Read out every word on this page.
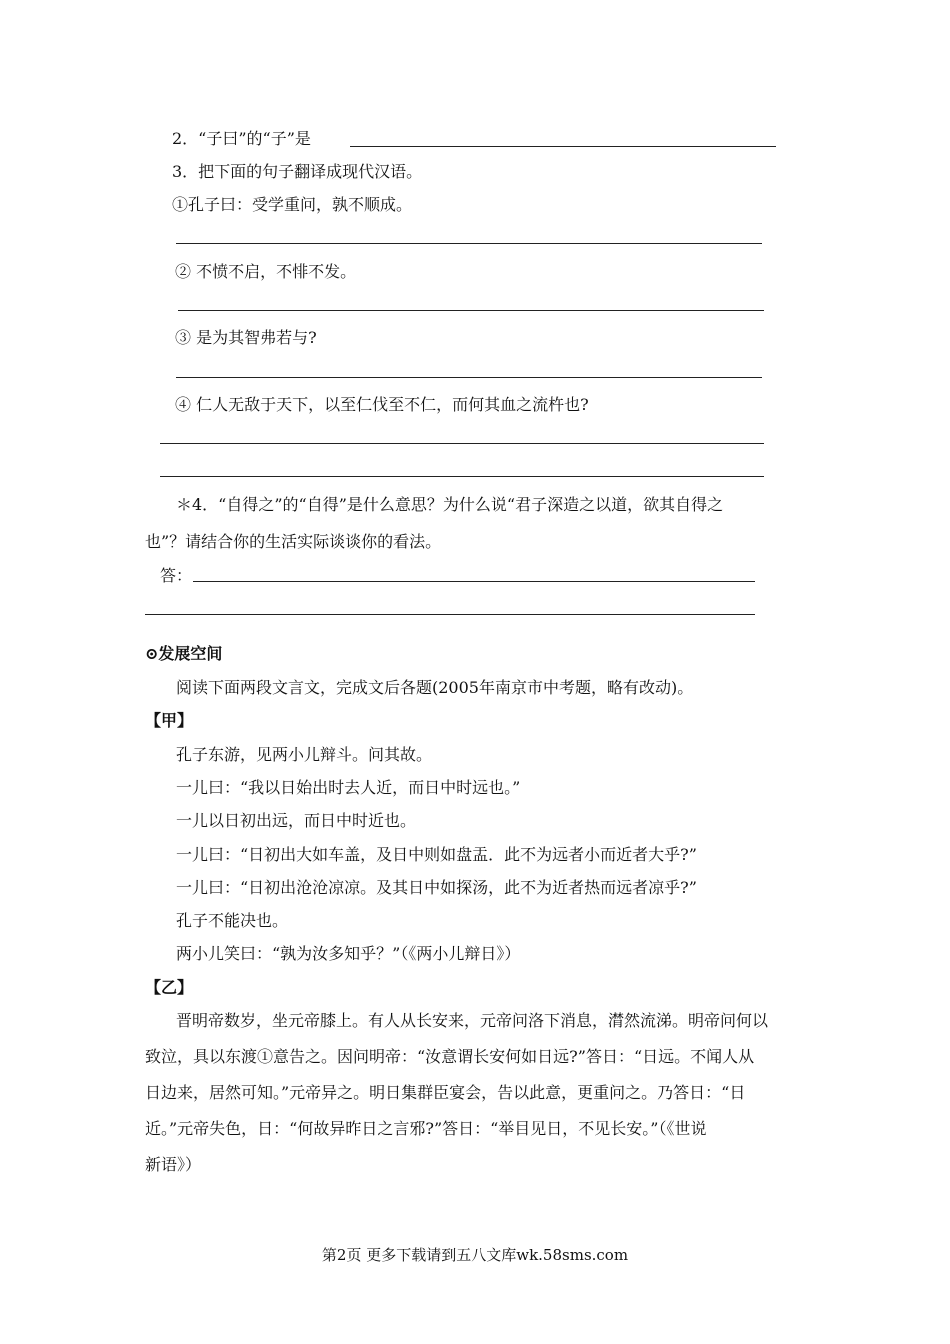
2．“子曰”的“子”是
3．把下面的句子翻译成现代汉语。
①孔子曰：受学重问，孰不顺成。
② 不愤不启，不悱不发。
③ 是为其智弗若与?
④ 仁人无敌于天下，以至仁伐至不仁，而何其血之流杵也?
＊4．“自得之”的“自得”是什么意思？为什么说“君子深造之以道，欲其自得之
也”？请结合你的生活实际谈谈你的看法。
答：
⊙发展空间
阅读下面两段文言文，完成文后各题(2005年南京市中考题，略有改动)。
【甲】
孔子东游，见两小儿辩斗。问其故。
一儿曰：“我以日始出时去人近，而日中时远也。”
一儿以日初出远，而日中时近也。
一儿曰：“日初出大如车盖，及日中则如盘盂．此不为远者小而近者大乎?”
一儿曰：“日初出沧沧凉凉。及其日中如探汤，此不为近者热而远者凉乎?”
孔子不能决也。
两小儿笑曰：“孰为汝多知乎？”（《两小儿辩日》）
【乙】
晋明帝数岁，坐元帝膝上。有人从长安来，元帝问洛下消息，潸然流涕。明帝问何以
致泣，具以东渡①意告之。因问明帝：“汝意谓长安何如日远?”答日：“日远。不闻人从
日边来，居然可知。”元帝异之。明日集群臣宴会，告以此意，更重问之。乃答日：“日
近。”元帝失色，日：“何故异昨日之言邪?”答日：“举目见日，不见长安。”（《世说
新语》）
第2页 更多下载请到五八文库wk.58sms.com
